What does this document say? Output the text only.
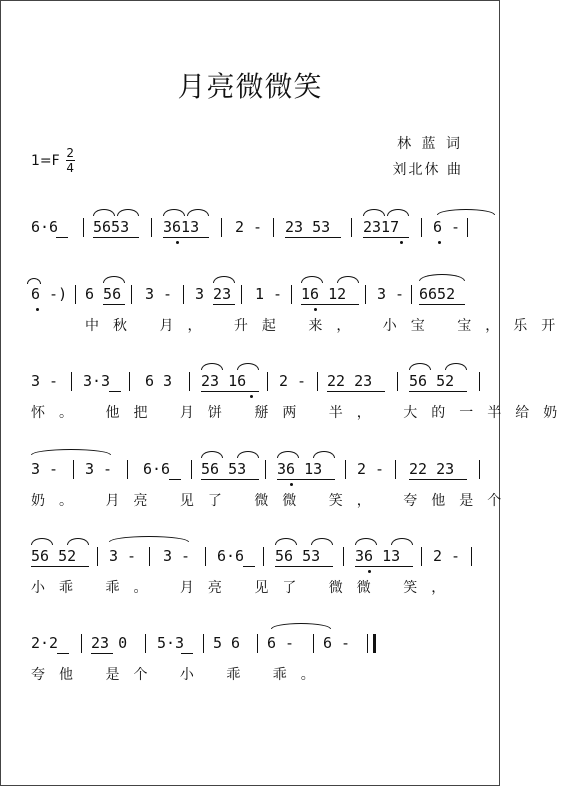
月亮微微笑
$1=F \frac{2}{4}$
林 蓝 词
刘北休 曲
6·6 5653 3613 2 - 23 53 2317 6 -
6 -) 6 56 3 - 3 23 1 - 16 12 3 - 6652
中秋 月， 升起 来， 小宝 宝，乐开
3 - 3·3 6 3 23 16 2 - 22 23 56 52
怀。 他把 月饼 掰两 半， 大的一半给奶
3 - 3 - 6·6 56 53 36 13 2 - 22 23
奶。 月亮 见了 微微 笑， 夸他是个
56 52 3 - 3 - 6·6 56 53 36 13 2 -
小乖 乖。 月亮 见了 微微 笑，
2·2 23 0 5·3 5 6 6 - 6 -
夸他 是个 小 乖 乖。
